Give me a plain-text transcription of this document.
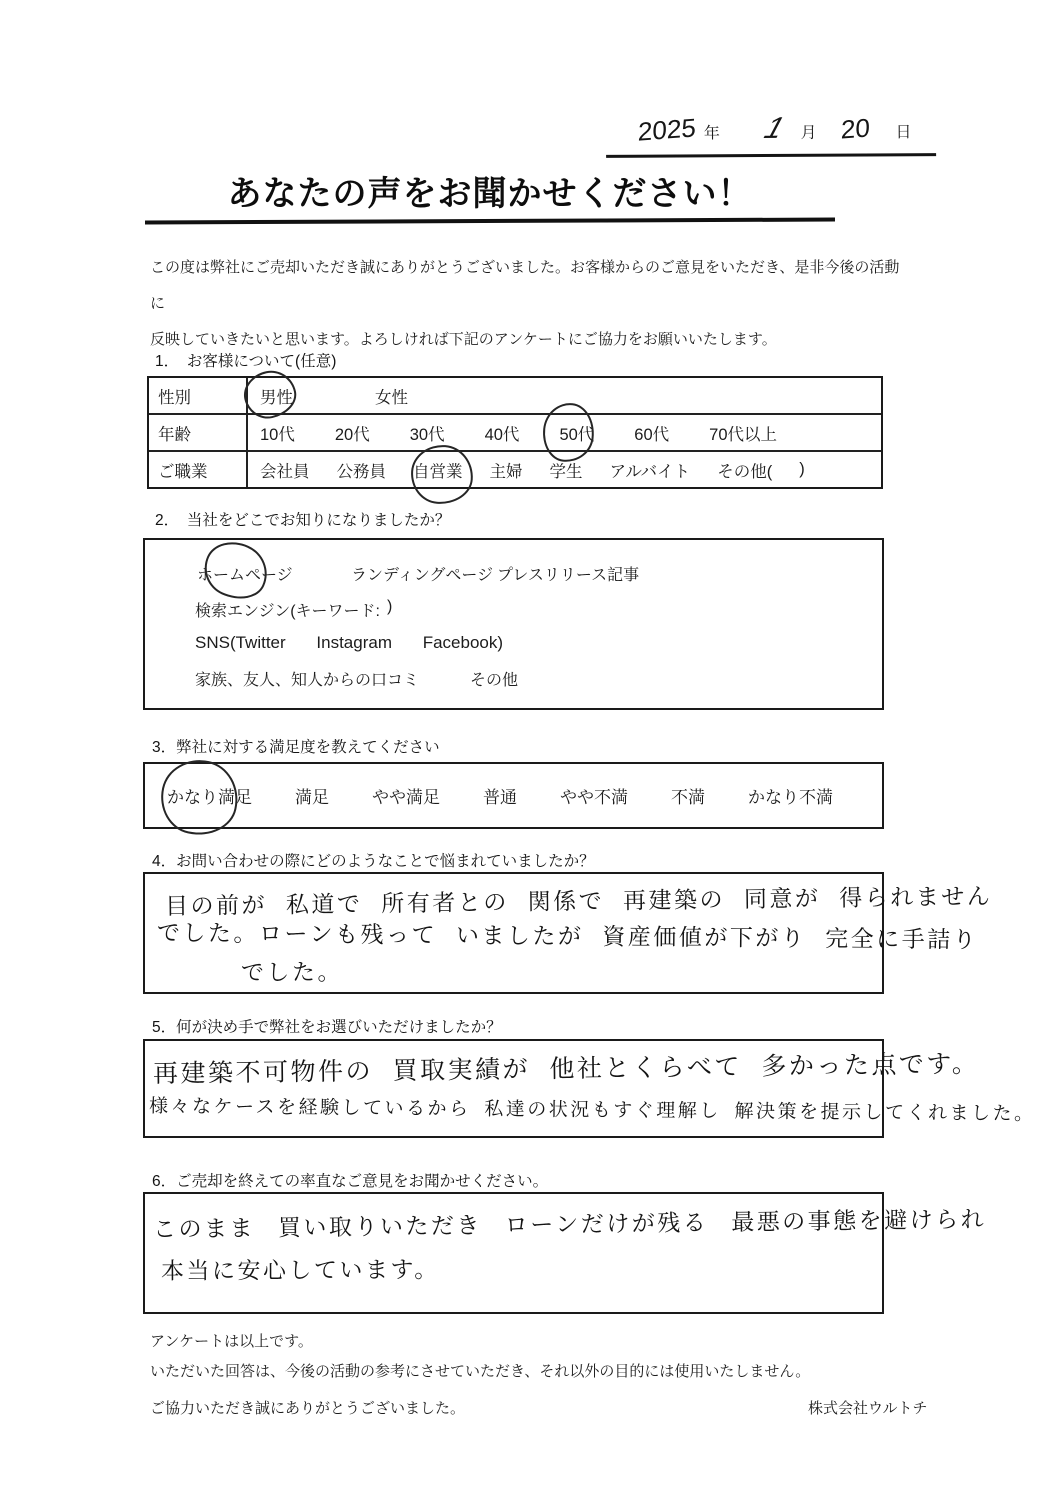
2025 年 1 月 20 日
あなたの声をお聞かせください！
この度は弊社にご売却いただき誠にありがとうございました。お客様からのご意見をいただき、是非今後の活動に
反映していきたいと思います。よろしければ下記のアンケートにご協力をお願いいたします。
1．　お客様について(任意)
性別	男性	女性
年齢	10代 20代 30代 40代 50代 60代 70代以上
ご職業	会社員 公務員 自営業 主婦 学生 アルバイト その他( )
2．　当社をどこでお知りになりましたか？
ホームページ	ランディングページ プレスリリース記事
検索エンジン(キーワード: )
SNS(Twitter Instagram Facebook)
家族、友人、知人からの口コミ	その他
3．弊社に対する満足度を教えてください
かなり満足	満足	やや満足	普通	やや不満	不満	かなり不満
4．お問い合わせの際にどのようなことで悩まれていましたか？
目の前が 私道で 所有者との 関係で 再建築の 同意が 得られません
でした。ローンも残って いましたが 資産価値が下がり 完全に手詰り
でした。
5．何が決め手で弊社をお選びいただけましたか？
再建築不可物件の 買取実績が 他社とくらべて 多かった点です。
様々なケースを経験しているから 私達の状況もすぐ理解し 解決策を提示してくれました。
6．ご売却を終えての率直なご意見をお聞かせください。
このまま 買い取りいただき ローンだけが残る 最悪の事態を避けられ
本当に安心しています。
アンケートは以上です。
いただいた回答は、今後の活動の参考にさせていただき、それ以外の目的には使用いたしません。
ご協力いただき誠にありがとうございました。	株式会社ウルトチ
